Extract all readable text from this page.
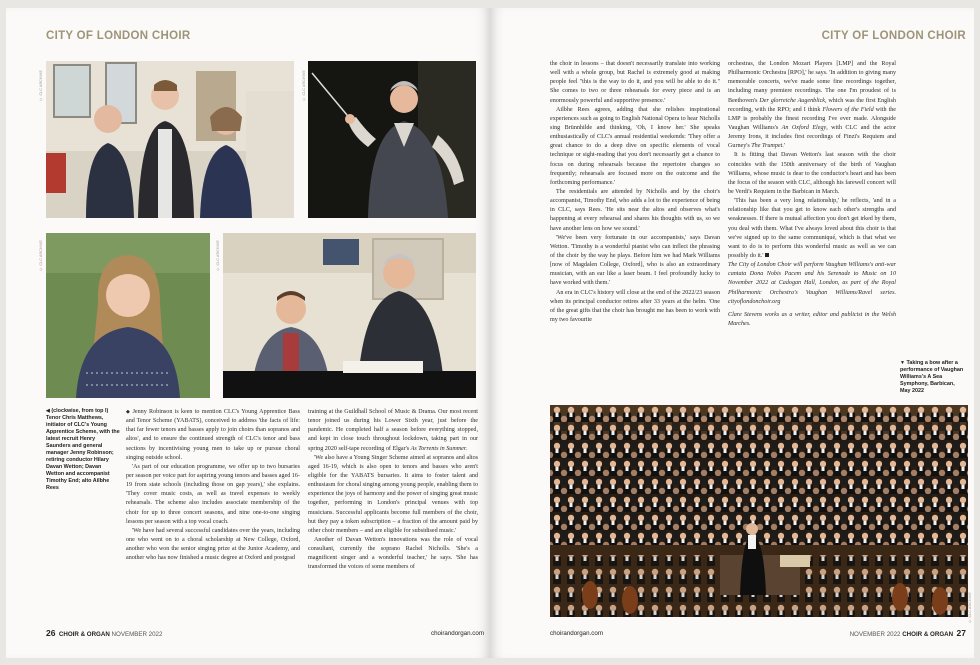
CITY OF LONDON CHOIR
© CLC ARCHIVE	© CLC ARCHIVE
© CLC ARCHIVE	© CLC ARCHIVE
◀ (clockwise, from top l) Tenor Chris Matthews, initiator of CLC's Young Apprentice Scheme, with the latest recruit Henry Saunders and general manager Jenny Robinson; retiring conductor Hilary Davan Wetton; Davan Wetton and accompanist Timothy End; alto Ailbhe Rees

◆ Jenny Robinson is keen to mention CLC's Young Apprentice Bass and Tenor Scheme (YABATS), conceived to address 'the facts of life: that far fewer tenors and basses apply to join choirs than sopranos and altos', and to ensure the continued strength of CLC's tenor and bass sections by incentivising young men to take up or pursue choral singing outside school.

'As part of our education programme, we offer up to two bursaries per season per voice part for aspiring young tenors and basses aged 16-19 from state schools (including those on gap years),' she explains. 'They cover music costs, as well as travel expenses to weekly rehearsals. The scheme also includes associate membership of the choir for up to three concert seasons, and nine one-to-one singing lessons per season with a top vocal coach.

'We have had several successful candidates over the years, including one who went on to a choral scholarship at New College, Oxford, another who won the senior singing prize at the Junior Academy, and another who has now finished a music degree at Oxford and postgrad

training at the Guildhall School of Music & Drama. Our most recent tenor joined us during his Lower Sixth year, just before the pandemic. He completed half a season before everything stopped, and kept in close touch throughout lockdown, taking part in our spring 2020 self-tape recording of Elgar's As Torrents in Summer.

'We also have a Young Singer Scheme aimed at sopranos and altos aged 16-19, which is also open to tenors and basses who aren't eligible for the YABATS bursaries. It aims to foster talent and enthusiasm for choral singing among young people, enabling them to experience the joys of harmony and the power of singing great music together, performing in London's principal venues with top musicians. Successful applicants become full members of the choir, but they pay a token subscription – a fraction of the amount paid by other choir members – and are eligible for subsidised music.'

Another of Davan Wetton's innovations was the role of vocal consultant, currently the soprano Rachel Nicholls. 'She's a magnificent singer and a wonderful teacher,' he says. 'She has transformed the voices of some members of

26 CHOIR & ORGAN NOVEMBER 2022	choirandorgan.com
CITY OF LONDON CHOIR

the choir in lessons – that doesn't necessarily translate into working well with a whole group, but Rachel is extremely good at making people feel "this is the way to do it, and you will be able to do it." She comes to two or three rehearsals for every piece and is an enormously powerful and supportive presence.'

Ailbhe Rees agrees, adding that she relishes inspirational experiences such as going to English National Opera to hear Nicholls sing Brünnhilde and thinking, 'Oh, I know her.' She speaks enthusiastically of CLC's annual residential weekends: 'They offer a great chance to do a deep dive on specific elements of vocal technique or sight-reading that you don't necessarily get a chance to focus on during rehearsals because the repertoire changes so frequently; rehearsals are focused more on the outcome and the forthcoming performance.'

The residentials are attended by Nicholls and by the choir's accompanist, Timothy End, who adds a lot to the experience of being in CLC, says Rees. 'He sits near the altos and observes what's happening at every rehearsal and shares his thoughts with us, so we have another lens on how we sound.'

'We've been very fortunate in our accompanists,' says Davan Wetton. 'Timothy is a wonderful pianist who can inflect the phrasing of the choir by the way he plays. Before him we had Mark Williams [now of Magdalen College, Oxford], who is also an extraordinary musician, with an ear like a laser beam. I feel profoundly lucky to have worked with them.'

An era in CLC's history will close at the end of the 2022/23 season when its principal conductor retires after 33 years at the helm. 'One of the great gifts that the choir has brought me has been to work with my two favourite

orchestras, the London Mozart Players [LMP] and the Royal Philharmonic Orchestra [RPO],' he says. 'In addition to giving many memorable concerts, we've made some fine recordings together, including many premiere recordings. The one I'm proudest of is Beethoven's Der glorreiche Augenblick, which was the first English recording, with the RPO; and I think Flowers of the Field with the LMP is probably the finest recording I've ever made. Alongside Vaughan Williams's An Oxford Elegy, with CLC and the actor Jeremy Irons, it includes first recordings of Finzi's Requiem and Gurney's The Trumpet.'

It is fitting that Davan Wetton's last season with the choir coincides with the 150th anniversary of the birth of Vaughan Williams, whose music is dear to the conductor's heart and has been the focus of the season with CLC, although his farewell concert will be Verdi's Requiem in the Barbican in March.

'This has been a very long relationship,' he reflects, 'and in a relationship like that you get to know each other's strengths and weaknesses. If there is mutual affection you don't get irked by them, you deal with them. What I've always loved about this choir is that we've signed up to the same communiqué, which is that what we want to do is to perform this wonderful music as well as we can possibly do it.'

The City of London Choir will perform Vaughan Williams's anti-war cantata Dona Nobis Pacem and his Serenade to Music on 10 November 2022 at Cadogan Hall, London, as part of the Royal Philharmonic Orchestra's Vaughan Williams/Ravel series. cityoflondonchoir.org

Clare Stevens works as a writer, editor and publicist in the Welsh Marches.

▼ Taking a bow after a performance of Vaughan Williams's A Sea Symphony, Barbican, May 2022
© CLC ARCHIVE
choirandorgan.com	NOVEMBER 2022 CHOIR & ORGAN 27
